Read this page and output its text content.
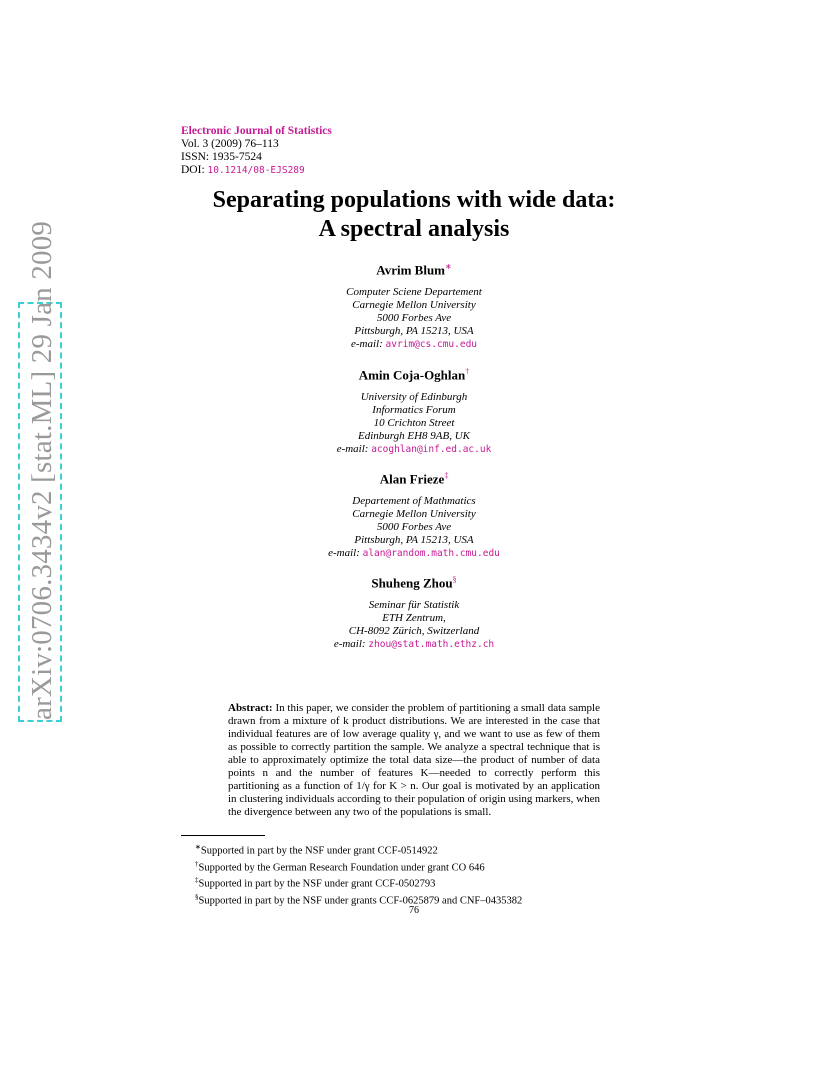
arXiv:0706.3434v2 [stat.ML] 29 Jan 2009
Electronic Journal of Statistics
Vol. 3 (2009) 76–113
ISSN: 1935-7524
DOI: 10.1214/08-EJS289
Separating populations with wide data:
A spectral analysis
Avrim Blum∗
Computer Sciene Departement
Carnegie Mellon University
5000 Forbes Ave
Pittsburgh, PA 15213, USA
e-mail: avrim@cs.cmu.edu
Amin Coja-Oghlan†
University of Edinburgh
Informatics Forum
10 Crichton Street
Edinburgh EH8 9AB, UK
e-mail: acoghlan@inf.ed.ac.uk
Alan Frieze‡
Departement of Mathmatics
Carnegie Mellon University
5000 Forbes Ave
Pittsburgh, PA 15213, USA
e-mail: alan@random.math.cmu.edu
Shuheng Zhou§
Seminar für Statistik
ETH Zentrum,
CH-8092 Zürich, Switzerland
e-mail: zhou@stat.math.ethz.ch
Abstract: In this paper, we consider the problem of partitioning a small data sample drawn from a mixture of k product distributions. We are interested in the case that individual features are of low average quality γ, and we want to use as few of them as possible to correctly partition the sample. We analyze a spectral technique that is able to approximately optimize the total data size—the product of number of data points n and the number of features K—needed to correctly perform this partitioning as a function of 1/γ for K > n. Our goal is motivated by an application in clustering individuals according to their population of origin using markers, when the divergence between any two of the populations is small.
∗Supported in part by the NSF under grant CCF-0514922
†Supported by the German Research Foundation under grant CO 646
‡Supported in part by the NSF under grant CCF-0502793
§Supported in part by the NSF under grants CCF-0625879 and CNF–0435382
76
